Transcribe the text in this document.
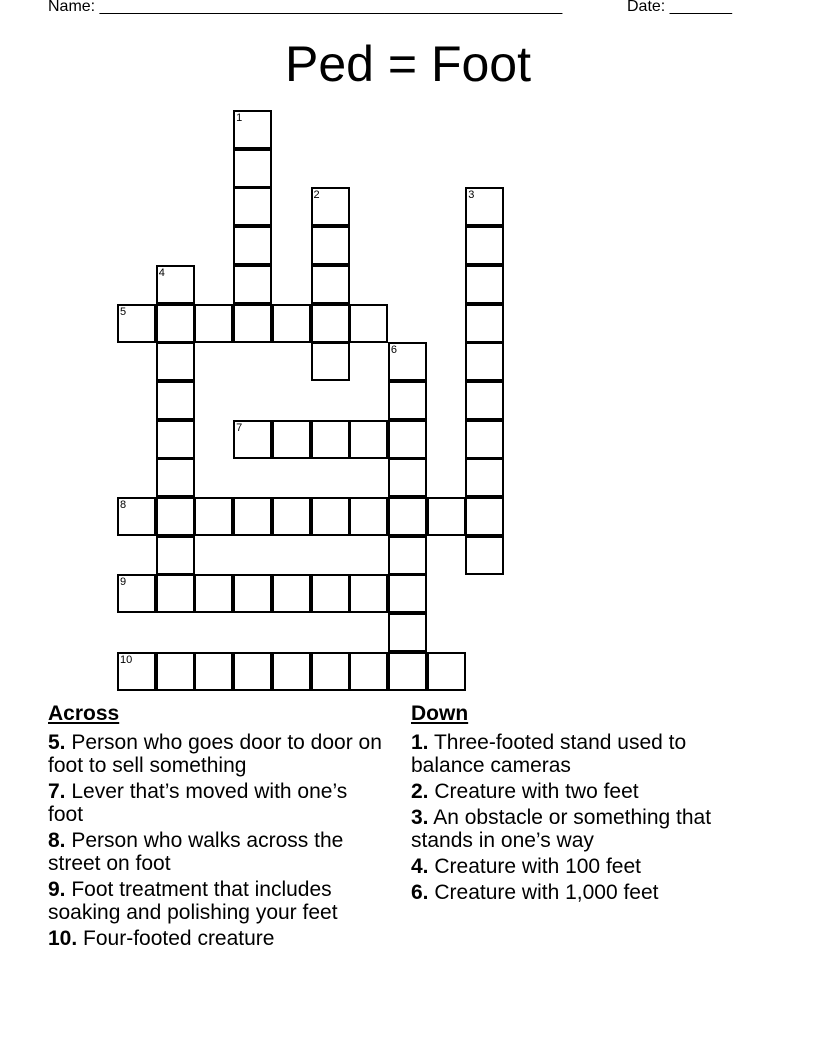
Name: ____________________________________________________	Date: _______
Ped = Foot
5
7
8
9
10
1
2	3
4
6
Across
5. Person who goes door to door on foot to sell something
7. Lever that’s moved with one’s foot
8. Person who walks across the street on foot
9. Foot treatment that includes soaking and polishing your feet
10. Four-footed creature
Down
1. Three-footed stand used to balance cameras
2. Creature with two feet
3. An obstacle or something that stands in one’s way
4. Creature with 100 feet
6. Creature with 1,000 feet
